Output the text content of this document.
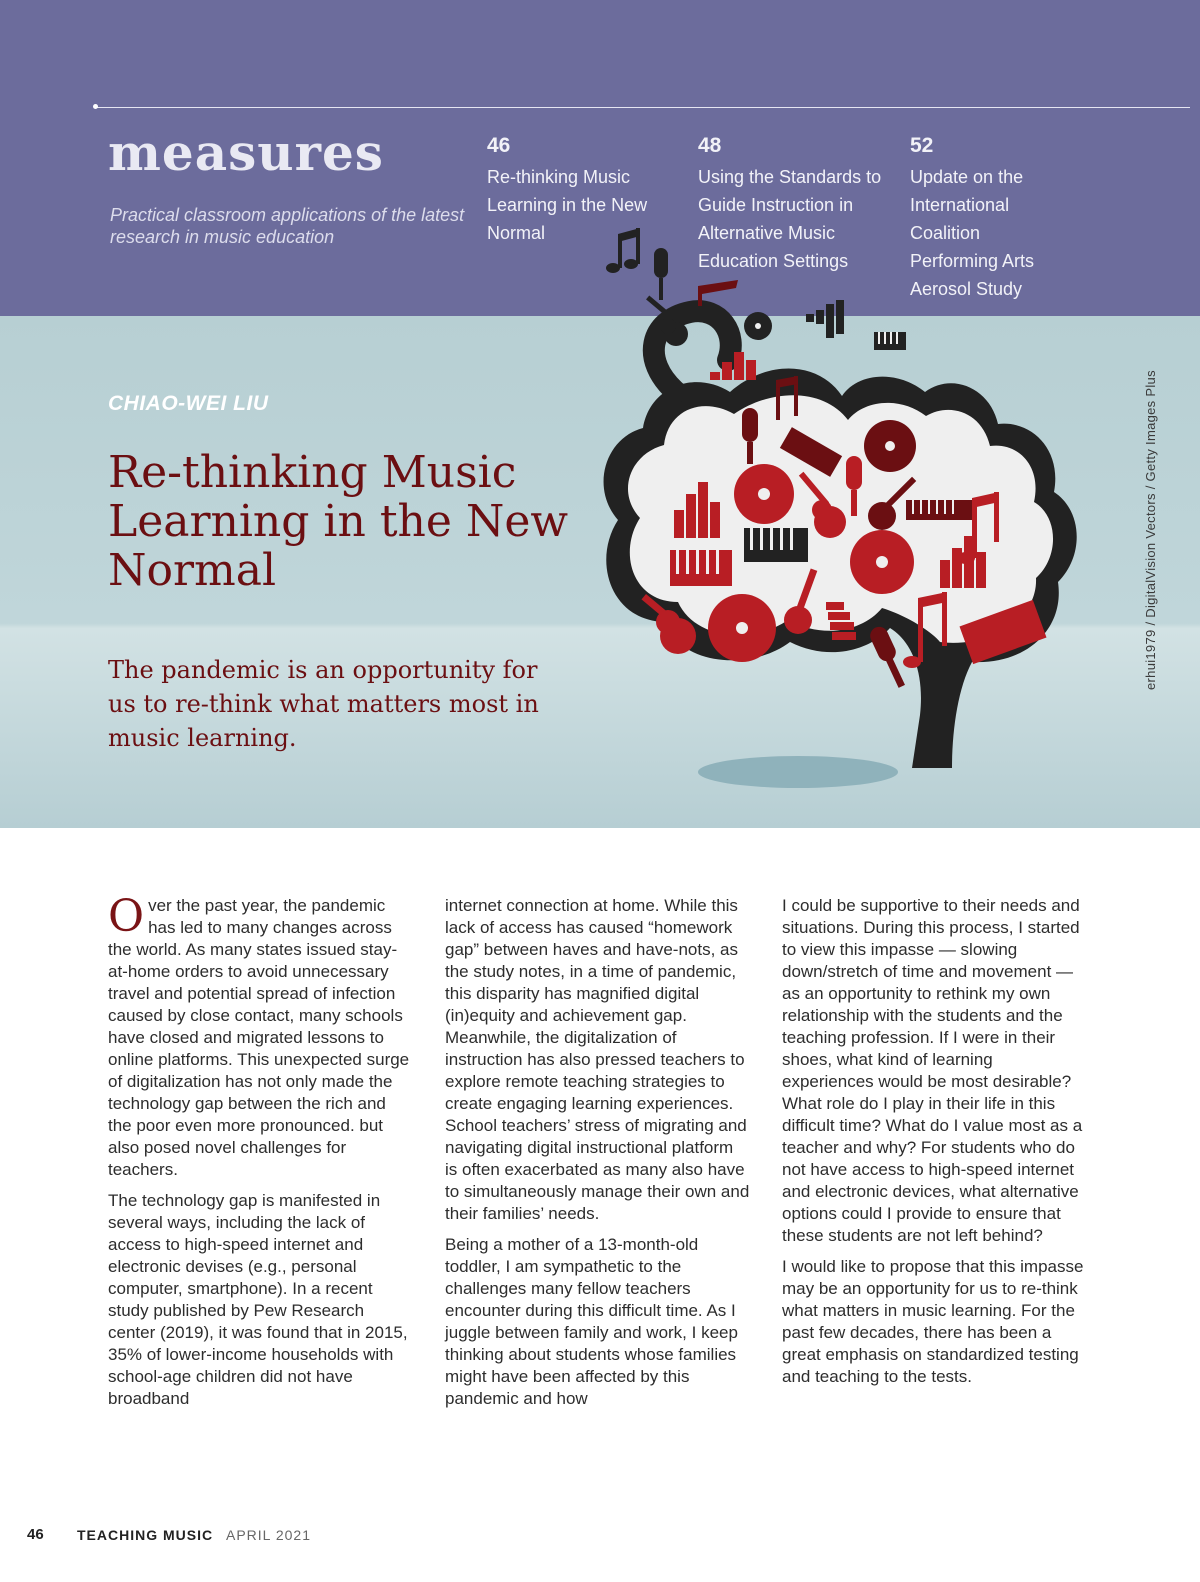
measures
Practical classroom applications of the latest research in music education
46
Re-thinking Music Learning in the New Normal
48
Using the Standards to Guide Instruction in Alternative Music Education Settings
52
Update on the International Coalition Performing Arts Aerosol Study
CHIAO-WEI LIU
Re-thinking Music Learning in the New Normal
The pandemic is an opportunity for us to re-think what matters most in music learning.
erhui1979 / DigitalVision Vectors / Getty Images Plus

Over the past year, the pandemic has led to many changes across the world. As many states issued stay-at-home orders to avoid unnecessary travel and potential spread of infection caused by close contact, many schools have closed and migrated lessons to online platforms. This unexpected surge of digitalization has not only made the technology gap between the rich and the poor even more pronounced. but also posed novel challenges for teachers.

The technology gap is manifested in several ways, including the lack of access to high-speed internet and electronic devises (e.g., personal computer, smartphone). In a recent study published by Pew Research center (2019), it was found that in 2015, 35% of lower-income households with school-age children did not have broadband

internet connection at home. While this lack of access has caused “homework gap” between haves and have-nots, as the study notes, in a time of pandemic, this disparity has magnified digital (in)equity and achievement gap. Meanwhile, the digitalization of instruction has also pressed teachers to explore remote teaching strategies to create engaging learning experiences. School teachers’ stress of migrating and navigating digital instructional platform is often exacerbated as many also have to simultaneously manage their own and their families’ needs.

Being a mother of a 13-month-old toddler, I am sympathetic to the challenges many fellow teachers encounter during this difficult time. As I juggle between family and work, I keep thinking about students whose families might have been affected by this pandemic and how

I could be supportive to their needs and situations. During this process, I started to view this impasse — slowing down/stretch of time and movement — as an opportunity to rethink my own relationship with the students and the teaching profession. If I were in their shoes, what kind of learning experiences would be most desirable? What role do I play in their life in this difficult time? What do I value most as a teacher and why? For students who do not have access to high-speed internet and electronic devices, what alternative options could I provide to ensure that these students are not left behind?

I would like to propose that this impasse may be an opportunity for us to re-think what matters in music learning. For the past few decades, there has been a great emphasis on standardized testing and teaching to the tests.

46 TEACHING MUSIC APRIL 2021
